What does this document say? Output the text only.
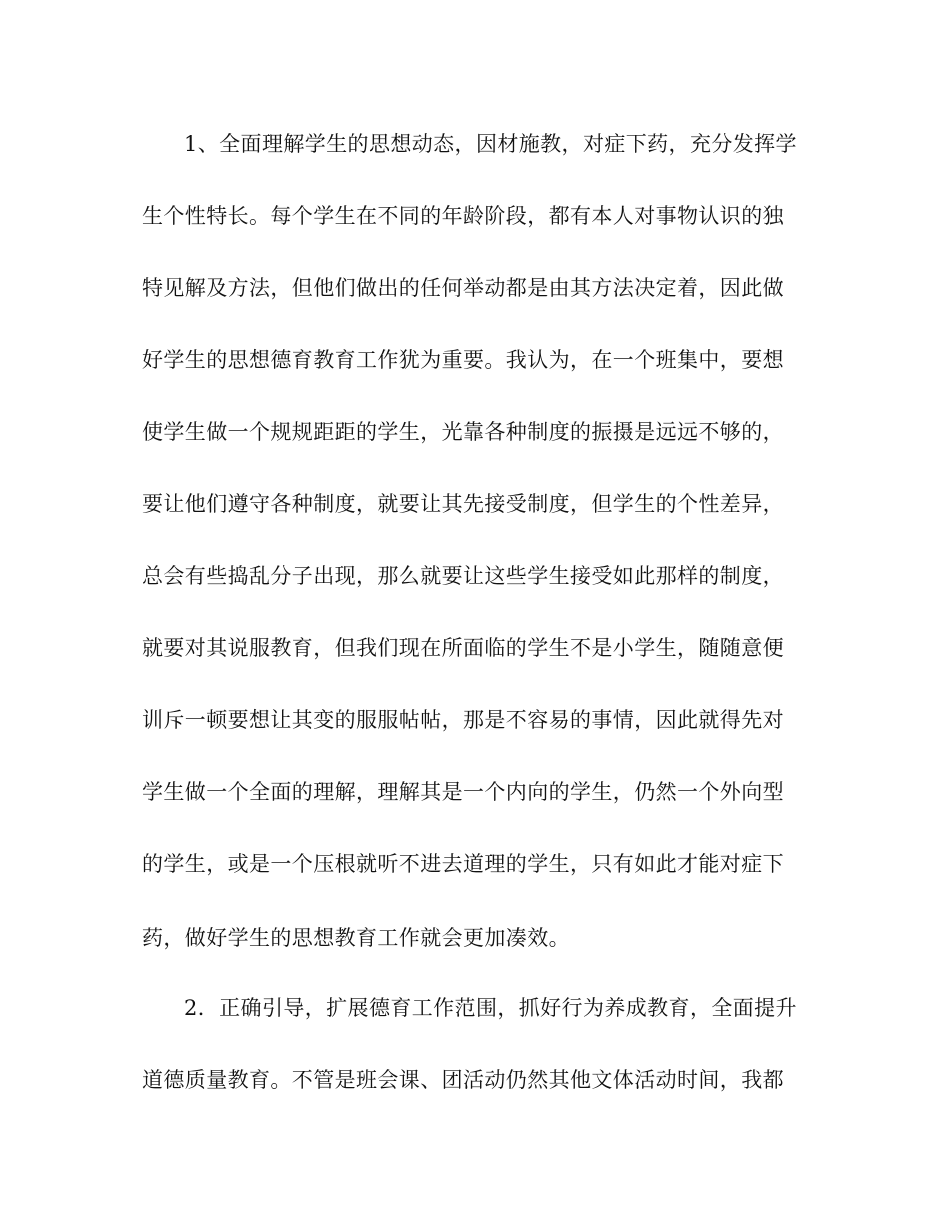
1、全面理解学生的思想动态，因材施教，对症下药，充分发挥学
生个性特长。每个学生在不同的年龄阶段，都有本人对事物认识的独
特见解及方法，但他们做出的任何举动都是由其方法决定着，因此做
好学生的思想德育教育工作犹为重要。我认为，在一个班集中，要想
使学生做一个规规距距的学生，光靠各种制度的振摄是远远不够的，
要让他们遵守各种制度，就要让其先接受制度，但学生的个性差异，
总会有些捣乱分子出现，那么就要让这些学生接受如此那样的制度，
就要对其说服教育，但我们现在所面临的学生不是小学生，随随意便
训斥一顿要想让其变的服服帖帖，那是不容易的事情，因此就得先对
学生做一个全面的理解，理解其是一个内向的学生，仍然一个外向型
的学生，或是一个压根就听不进去道理的学生，只有如此才能对症下
药，做好学生的思想教育工作就会更加凑效。
2．正确引导，扩展德育工作范围，抓好行为养成教育，全面提升
道德质量教育。不管是班会课、团活动仍然其他文体活动时间，我都
